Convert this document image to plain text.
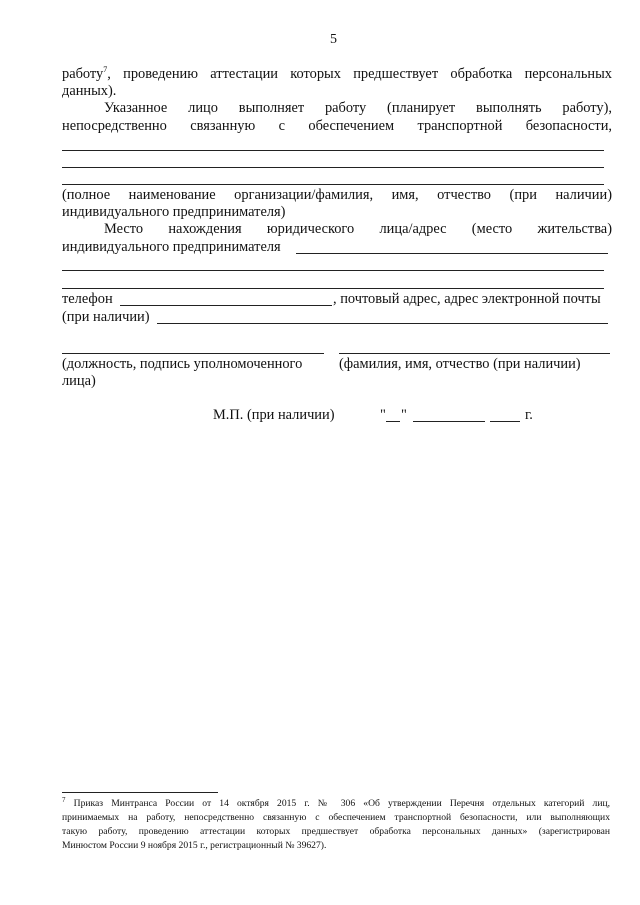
5
работу$^7$, проведению аттестации которых предшествует обработка персональных
данных).
Указанное лицо выполняет работу (планирует выполнять работу),
непосредственно связанную с обеспечением транспортной безопасности,
(полное наименование организации/фамилия, имя, отчество (при наличии)
индивидуального предпринимателя)
Место нахождения юридического лица/адрес (место жительства)
индивидуального предпринимателя
телефон	, почтовый адрес, адрес электронной почты
(при наличии)
(должность, подпись уполномоченного
лица)
(фамилия, имя, отчество (при наличии)
М.П. (при наличии)	" "	г.
$^7$ Приказ Минтранса России от 14 октября 2015 г. № 306 «Об утверждении Перечня отдельных категорий лиц,
принимаемых на работу, непосредственно связанную с обеспечением транспортной безопасности, или выполняющих
такую работу, проведению аттестации которых предшествует обработка персональных данных» (зарегистрирован
Минюстом России 9 ноября 2015 г., регистрационный № 39627).
